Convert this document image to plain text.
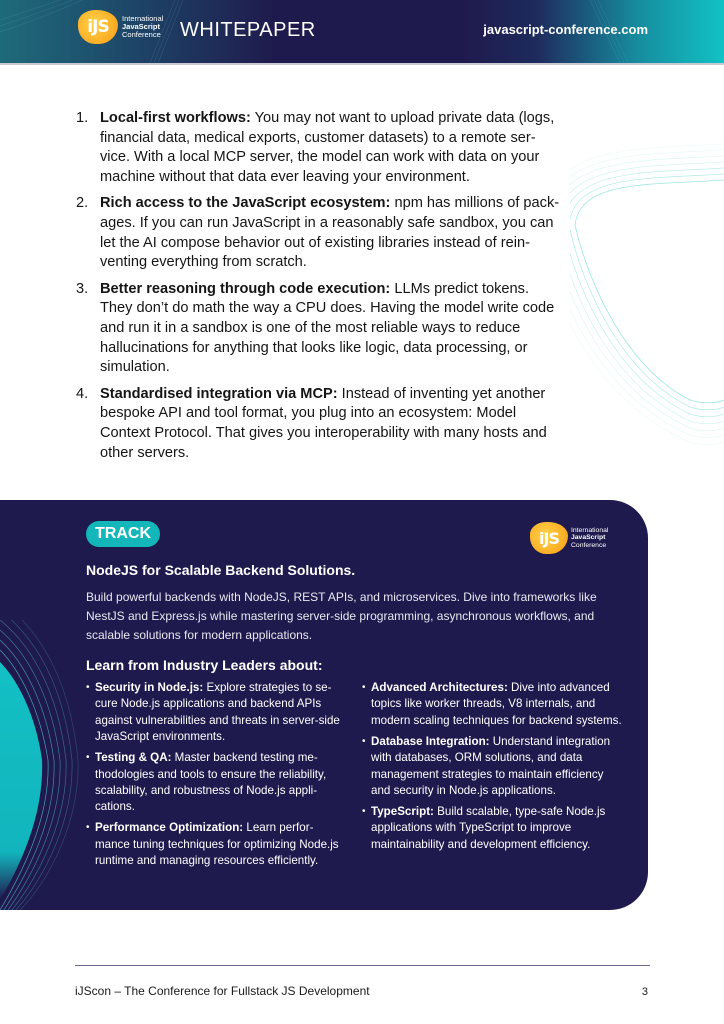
iJS	International
JavaScript
Conference WHITEPAPER	javascript-conference.com
1. Local-first workflows: You may not want to upload private data (logs, financial data, medical exports, customer datasets) to a remote service. With a local MCP server, the model can work with data on your machine without that data ever leaving your environment.
2. Rich access to the JavaScript ecosystem: npm has millions of packages. If you can run JavaScript in a reasonably safe sandbox, you can let the AI compose behavior out of existing libraries instead of reinventing everything from scratch.
3. Better reasoning through code execution: LLMs predict tokens. They don’t do math the way a CPU does. Having the model write code and run it in a sandbox is one of the most reliable ways to reduce hallucinations for anything that looks like logic, data processing, or simulation.
4. Standardised integration via MCP: Instead of inventing yet another bespoke API and tool format, you plug into an ecosystem: Model Context Protocol. That gives you interoperability with many hosts and other servers.
TRACK	iJS	International
JavaScript
Conference
NodeJS for Scalable Backend Solutions.
Build powerful backends with NodeJS, REST APIs, and microservices. Dive into frameworks like NestJS and Express.js while mastering server-side programming, asynchronous workflows, and scalable solutions for modern applications.
Learn from Industry Leaders about:
• Security in Node.js: Explore strategies to secure Node.js applications and backend APIs against vulnerabilities and threats in server-side JavaScript environments.
• Testing & QA: Master backend testing methodologies and tools to ensure the reliability, scalability, and robustness of Node.js applications.
• Performance Optimization: Learn performance tuning techniques for optimizing Node.js runtime and managing resources efficiently.
• Advanced Architectures: Dive into advanced topics like worker threads, V8 internals, and modern scaling techniques for backend systems.
• Database Integration: Understand integration with databases, ORM solutions, and data management strategies to maintain efficiency and security in Node.js applications.
• TypeScript: Build scalable, type-safe Node.js applications with TypeScript to improve maintainability and development efficiency.
iJScon – The Conference for Fullstack JS Development	3
